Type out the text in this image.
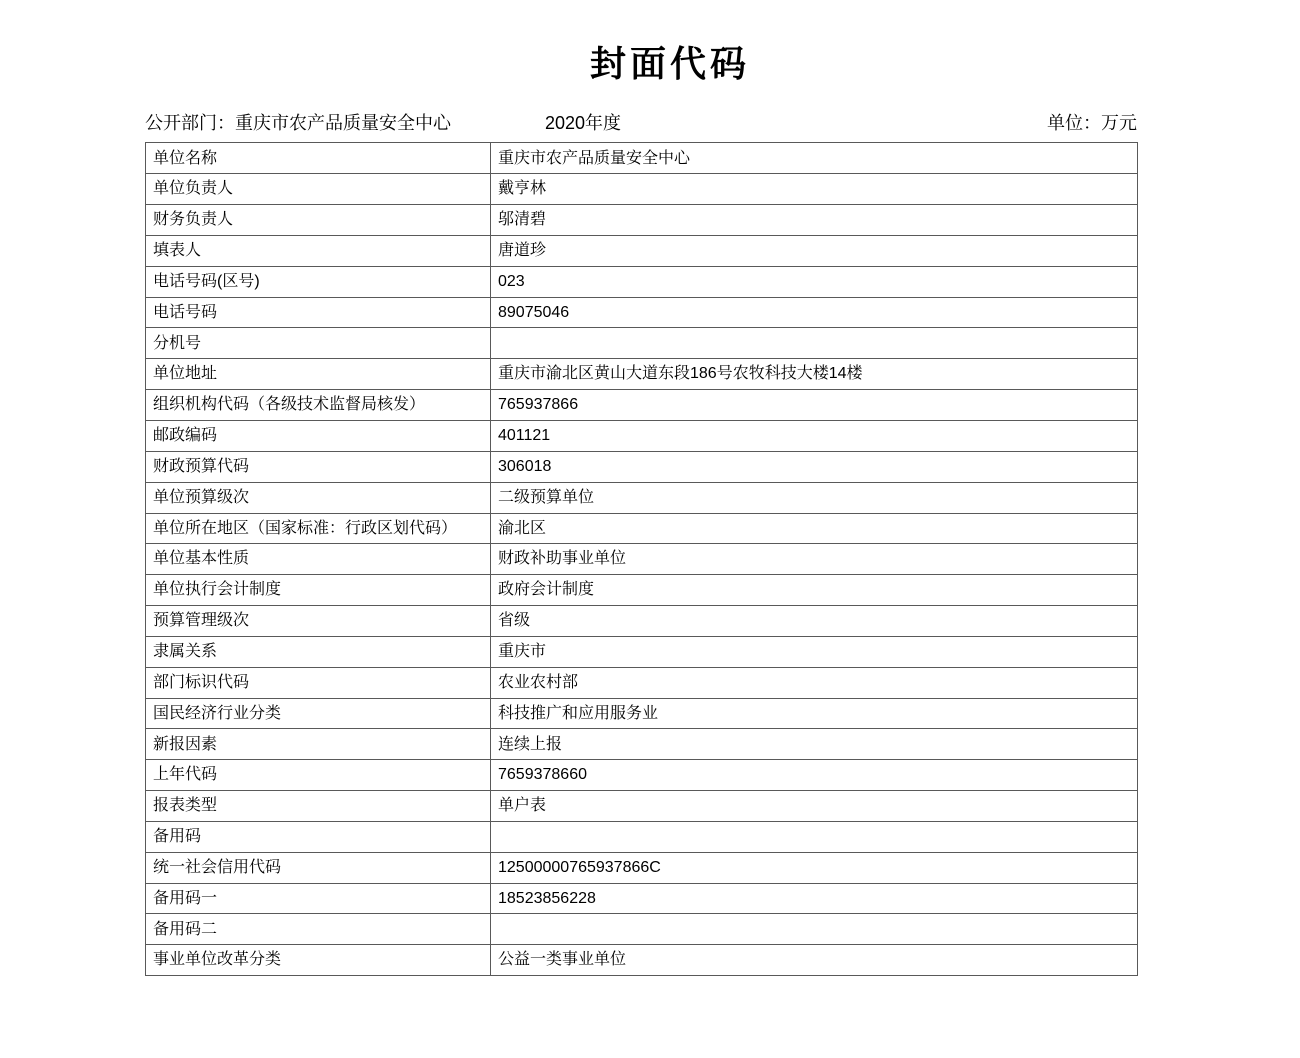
封面代码
公开部门：重庆市农产品质量安全中心	2020年度	单位：万元
单位名称	重庆市农产品质量安全中心
单位负责人	戴亨林
财务负责人	邬清碧
填表人	唐道珍
电话号码(区号)	023
电话号码	89075046
分机号	
单位地址	重庆市渝北区黄山大道东段186号农牧科技大楼14楼
组织机构代码（各级技术监督局核发）	765937866
邮政编码	401121
财政预算代码	306018
单位预算级次	二级预算单位
单位所在地区（国家标准：行政区划代码）	渝北区
单位基本性质	财政补助事业单位
单位执行会计制度	政府会计制度
预算管理级次	省级
隶属关系	重庆市
部门标识代码	农业农村部
国民经济行业分类	科技推广和应用服务业
新报因素	连续上报
上年代码	7659378660
报表类型	单户表
备用码	
统一社会信用代码	12500000765937866C
备用码一	18523856228
备用码二	
事业单位改革分类	公益一类事业单位
